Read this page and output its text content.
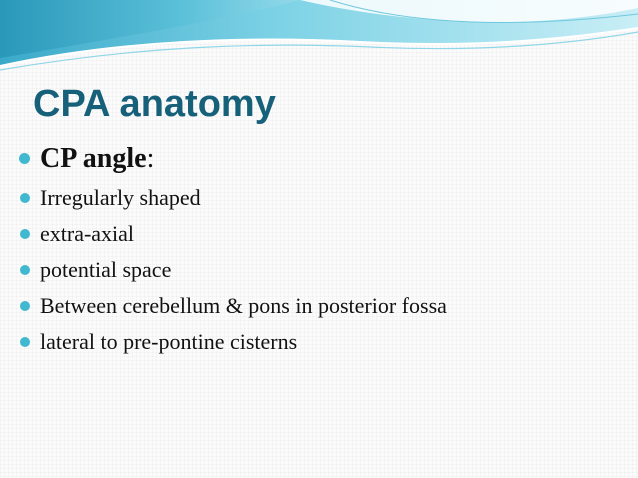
CPA anatomy
CP angle:
Irregularly shaped
extra-axial
potential space
Between cerebellum & pons in posterior fossa
lateral to pre-pontine cisterns
